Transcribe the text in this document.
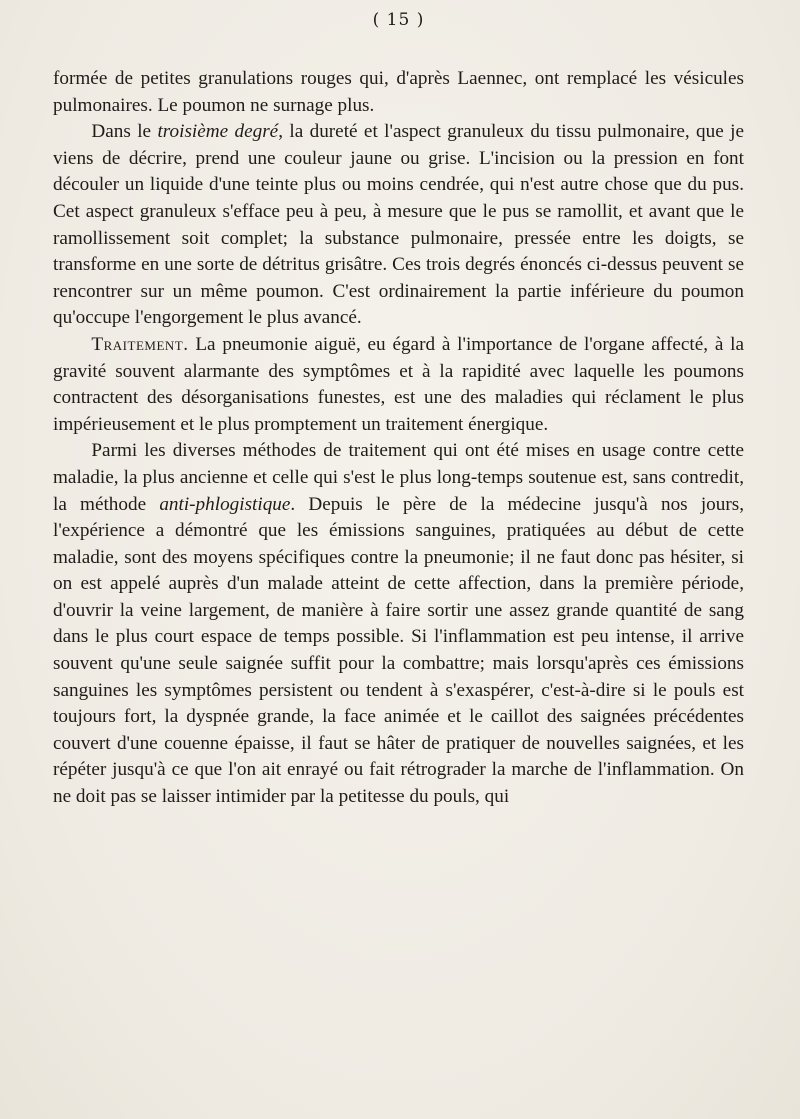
( 15 )

formée de petites granulations rouges qui, d'après Laennec, ont remplacé les vésicules pulmonaires. Le poumon ne surnage plus.

Dans le troisième degré, la dureté et l'aspect granuleux du tissu pulmonaire, que je viens de décrire, prend une couleur jaune ou grise. L'incision ou la pression en font découler un liquide d'une teinte plus ou moins cendrée, qui n'est autre chose que du pus. Cet aspect granuleux s'efface peu à peu, à mesure que le pus se ramollit, et avant que le ramollissement soit complet; la substance pulmonaire, pressée entre les doigts, se transforme en une sorte de détritus grisâtre. Ces trois degrés énoncés ci-dessus peuvent se rencontrer sur un même poumon. C'est ordinairement la partie inférieure du poumon qu'occupe l'engorgement le plus avancé.

Traitement. La pneumonie aiguë, eu égard à l'importance de l'organe affecté, à la gravité souvent alarmante des symptômes et à la rapidité avec laquelle les poumons contractent des désorganisations funestes, est une des maladies qui réclament le plus impérieusement et le plus promptement un traitement énergique.

Parmi les diverses méthodes de traitement qui ont été mises en usage contre cette maladie, la plus ancienne et celle qui s'est le plus long-temps soutenue est, sans contredit, la méthode anti-phlogistique. Depuis le père de la médecine jusqu'à nos jours, l'expérience a démontré que les émissions sanguines, pratiquées au début de cette maladie, sont des moyens spécifiques contre la pneumonie; il ne faut donc pas hésiter, si on est appelé auprès d'un malade atteint de cette affection, dans la première période, d'ouvrir la veine largement, de manière à faire sortir une assez grande quantité de sang dans le plus court espace de temps possible. Si l'inflammation est peu intense, il arrive souvent qu'une seule saignée suffit pour la combattre; mais lorsqu'après ces émissions sanguines les symptômes persistent ou tendent à s'exaspérer, c'est-à-dire si le pouls est toujours fort, la dyspnée grande, la face animée et le caillot des saignées précédentes couvert d'une couenne épaisse, il faut se hâter de pratiquer de nouvelles saignées, et les répéter jusqu'à ce que l'on ait enrayé ou fait rétrograder la marche de l'inflammation. On ne doit pas se laisser intimider par la petitesse du pouls, qui
